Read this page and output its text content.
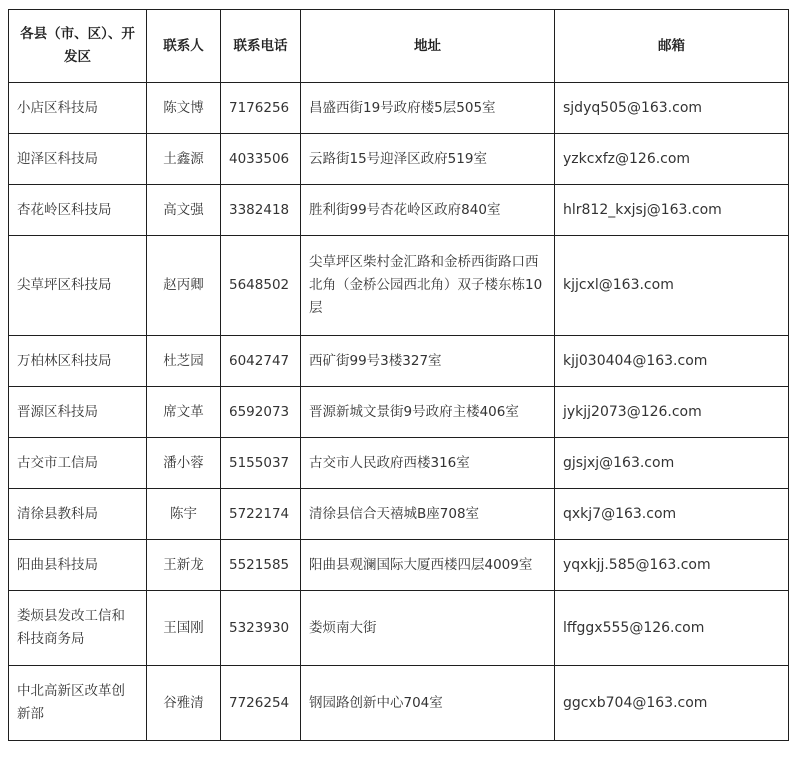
各县（市、区）、开发区	联系人	联系电话	地址	邮箱
小店区科技局	陈文博	7176256	昌盛西街19号政府楼5层505室	sjdyq505@163.com
迎泽区科技局	土鑫源	4033506	云路街15号迎泽区政府519室	yzkcxfz@126.com
杏花岭区科技局	高文强	3382418	胜利街99号杏花岭区政府840室	hlr812_kxjsj@163.com
尖草坪区科技局	赵丙卿	5648502	尖草坪区柴村金汇路和金桥西街路口西北角（金桥公园西北角）双子楼东栋10层	kjjcxl@163.com
万柏林区科技局	杜芝园	6042747	西矿街99号3楼327室	kjj030404@163.com
晋源区科技局	席文革	6592073	晋源新城文景街9号政府主楼406室	jykjj2073@126.com
古交市工信局	潘小蓉	5155037	古交市人民政府西楼316室	gjsjxj@163.com
清徐县教科局	陈宇	5722174	清徐县信合天禧城B座708室	qxkj7@163.com
阳曲县科技局	王新龙	5521585	阳曲县观澜国际大厦西楼四层4009室	yqxkjj.585@163.com
娄烦县发改工信和科技商务局	王国刚	5323930	娄烦南大街	lffggx555@126.com
中北高新区改革创新部	谷雅清	7726254	钢园路创新中心704室	ggcxb704@163.com
